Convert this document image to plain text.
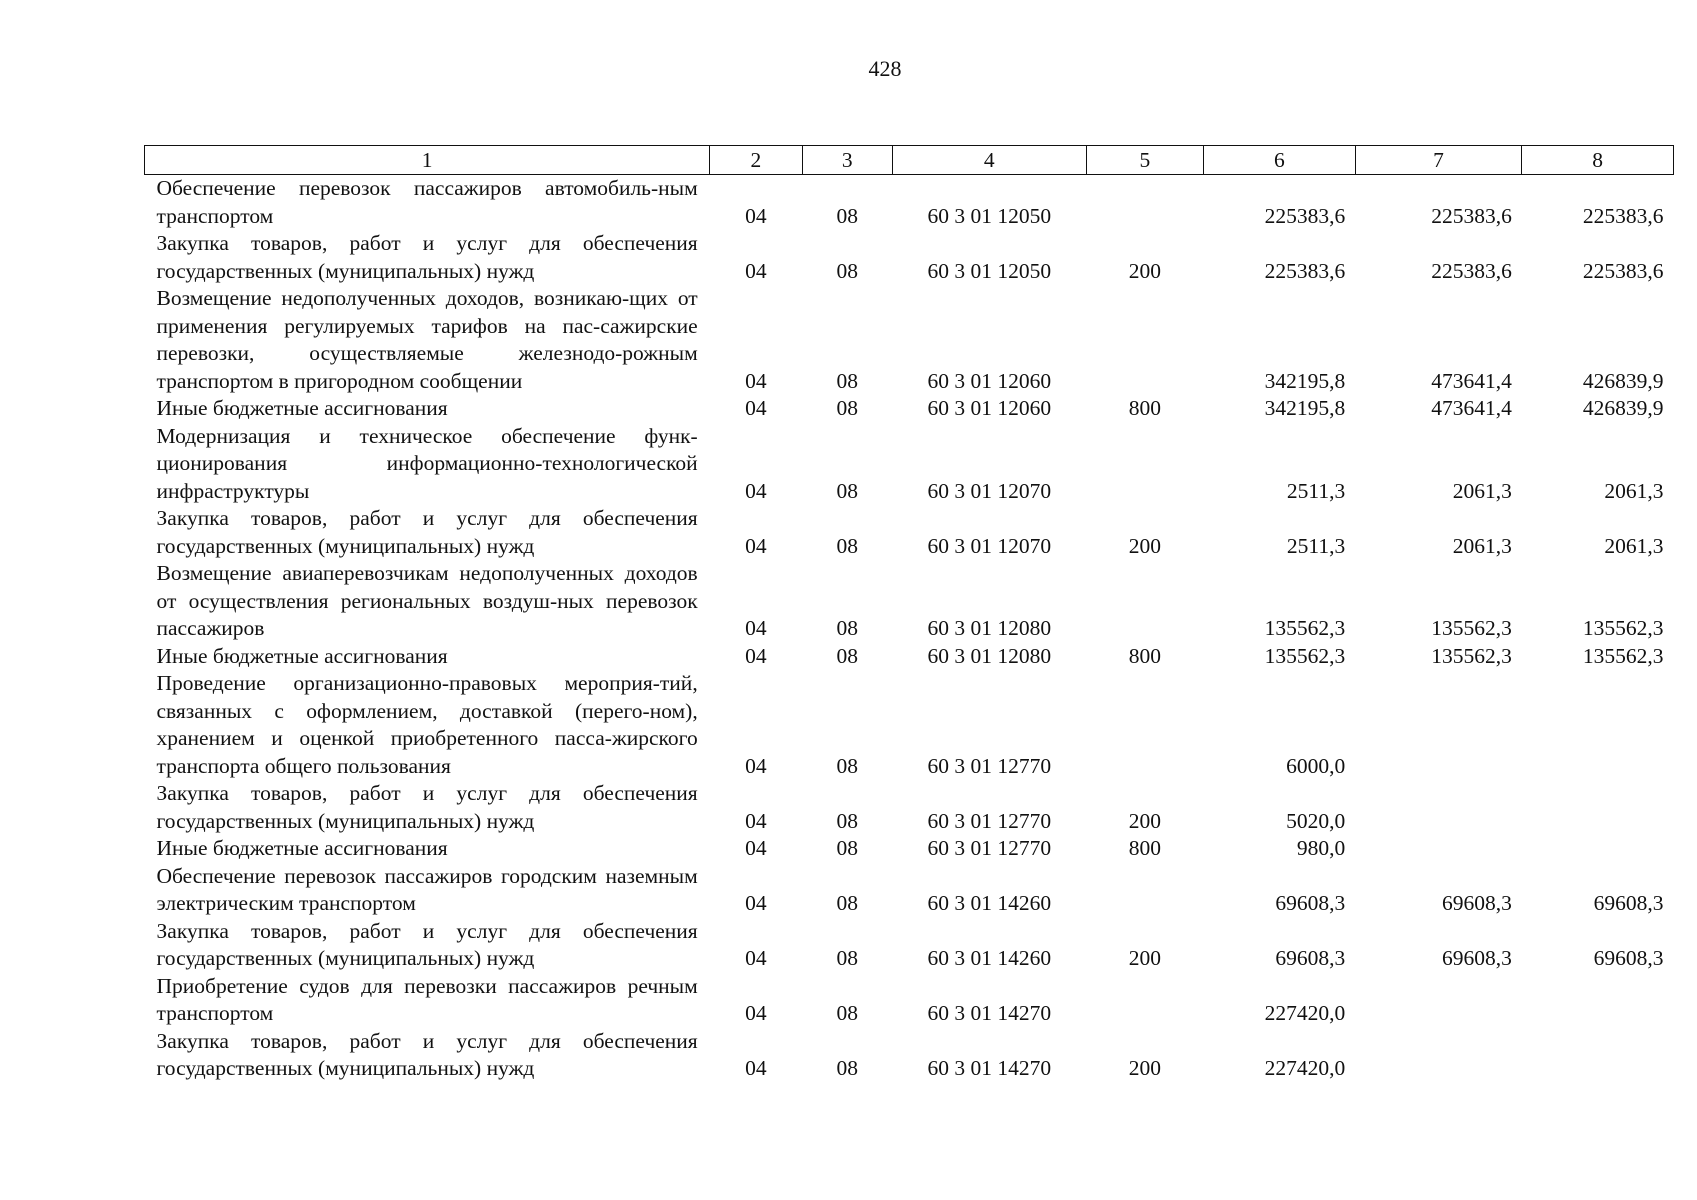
428
1	2	3	4	5	6	7	8
Обеспечение перевозок пассажиров автомобиль-ным транспортом	04	08	60 3 01 12050		225383,6	225383,6	225383,6
Закупка товаров, работ и услуг для обеспечения государственных (муниципальных) нужд	04	08	60 3 01 12050	200	225383,6	225383,6	225383,6
Возмещение недополученных доходов, возникаю-щих от применения регулируемых тарифов на пас-сажирские перевозки, осуществляемые железнодо-рожным транспортом в пригородном сообщении	04	08	60 3 01 12060		342195,8	473641,4	426839,9
Иные бюджетные ассигнования	04	08	60 3 01 12060	800	342195,8	473641,4	426839,9
Модернизация и техническое обеспечение функ-ционирования информационно-технологической инфраструктуры	04	08	60 3 01 12070		2511,3	2061,3	2061,3
Закупка товаров, работ и услуг для обеспечения государственных (муниципальных) нужд	04	08	60 3 01 12070	200	2511,3	2061,3	2061,3
Возмещение авиаперевозчикам недополученных доходов от осуществления региональных воздуш-ных перевозок пассажиров	04	08	60 3 01 12080		135562,3	135562,3	135562,3
Иные бюджетные ассигнования	04	08	60 3 01 12080	800	135562,3	135562,3	135562,3
Проведение организационно-правовых мероприя-тий, связанных с оформлением, доставкой (перего-ном), хранением и оценкой приобретенного пасса-жирского транспорта общего пользования	04	08	60 3 01 12770		6000,0		
Закупка товаров, работ и услуг для обеспечения государственных (муниципальных) нужд	04	08	60 3 01 12770	200	5020,0		
Иные бюджетные ассигнования	04	08	60 3 01 12770	800	980,0		
Обеспечение перевозок пассажиров городским наземным электрическим транспортом	04	08	60 3 01 14260		69608,3	69608,3	69608,3
Закупка товаров, работ и услуг для обеспечения государственных (муниципальных) нужд	04	08	60 3 01 14260	200	69608,3	69608,3	69608,3
Приобретение судов для перевозки пассажиров речным транспортом	04	08	60 3 01 14270		227420,0		
Закупка товаров, работ и услуг для обеспечения государственных (муниципальных) нужд	04	08	60 3 01 14270	200	227420,0		
